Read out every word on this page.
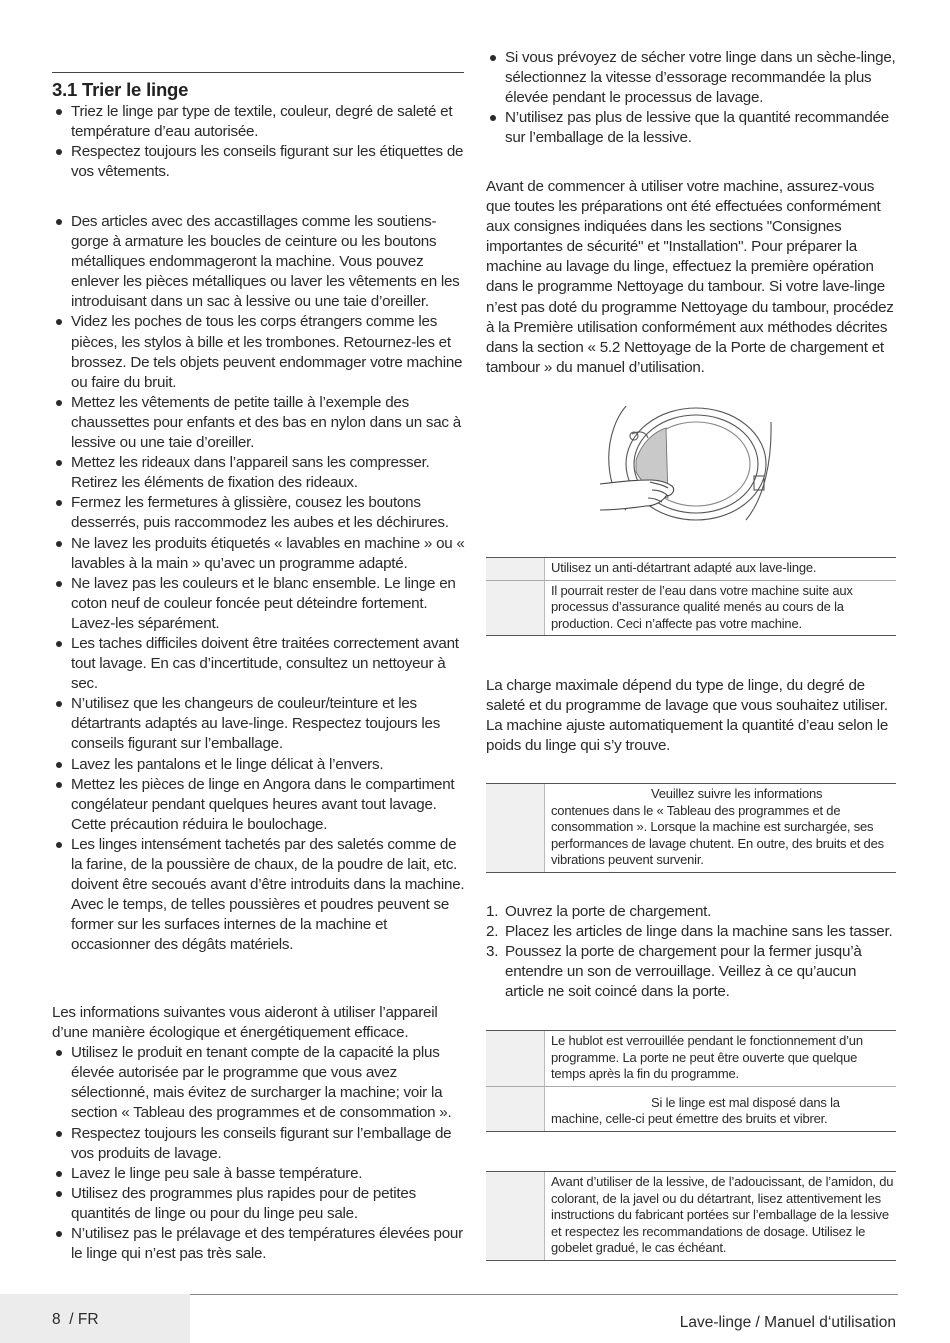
3.1 Trier le linge
Triez le linge par type de textile, couleur, degré de saleté et température d’eau autorisée.
Respectez toujours les conseils figurant sur les étiquettes de vos vêtements.
Des articles avec des accastillages comme les soutiens-gorge à armature les boucles de ceinture ou les boutons métalliques endommageront la machine. Vous pouvez enlever les pièces métalliques ou laver les vêtements en les introduisant dans un sac à lessive ou une taie d’oreiller.
Videz les poches de tous les corps étrangers comme les pièces, les stylos à bille et les trombones. Retournez-les et brossez. De tels objets peuvent endommager votre machine ou faire du bruit.
Mettez les vêtements de petite taille à l’exemple des chaussettes pour enfants et des bas en nylon dans un sac à lessive ou une taie d’oreiller.
Mettez les rideaux dans l’appareil sans les compresser. Retirez les éléments de fixation des rideaux.
Fermez les fermetures à glissière, cousez les boutons desserrés, puis raccommodez les aubes et les déchirures.
Ne lavez les produits étiquetés « lavables en machine » ou « lavables à la main » qu’avec un programme adapté.
Ne lavez pas les couleurs et le blanc ensemble. Le linge en coton neuf de couleur foncée peut déteindre fortement. Lavez-les séparément.
Les taches difficiles doivent être traitées correctement avant tout lavage. En cas d’incertitude, consultez un nettoyeur à sec.
N’utilisez que les changeurs de couleur/teinture et les détartrants adaptés au lave-linge. Respectez toujours les conseils figurant sur l’emballage.
Lavez les pantalons et le linge délicat à l’envers.
Mettez les pièces de linge en Angora dans le compartiment congélateur pendant quelques heures avant tout lavage. Cette précaution réduira le boulochage.
Les linges intensément tachetés par des saletés comme de la farine, de la poussière de chaux, de la poudre de lait, etc. doivent être secoués avant d’être introduits dans la machine. Avec le temps, de telles poussières et poudres peuvent se former sur les surfaces internes de la machine et occasionner des dégâts matériels.

Les informations suivantes vous aideront à utiliser l’appareil d’une manière écologique et énergétiquement efficace.

Utilisez le produit en tenant compte de la capacité la plus élevée autorisée par le programme que vous avez sélectionné, mais évitez de surcharger la machine; voir la section « Tableau des programmes et de consommation ».
Respectez toujours les conseils figurant sur l’emballage de vos produits de lavage.
Lavez le linge peu sale à basse température.
Utilisez des programmes plus rapides pour de petites quantités de linge ou pour du linge peu sale.
N’utilisez pas le prélavage et des températures élevées pour le linge qui n’est pas très sale.
Si vous prévoyez de sécher votre linge dans un sèche-linge, sélectionnez la vitesse d’essorage recommandée la plus élevée pendant le processus de lavage.
N’utilisez pas plus de lessive que la quantité recommandée sur l’emballage de la lessive.
Avant de commencer à utiliser votre machine, assurez-vous que toutes les préparations ont été effectuées conformément aux consignes indiquées dans les sections "Consignes importantes de sécurité" et "Installation". Pour préparer la machine au lavage du linge, effectuez la première opération dans le programme Nettoyage du tambour. Si votre lave-linge n’est pas doté du programme Nettoyage du tambour, procédez à la Première utilisation conformément aux méthodes décrites dans la section « 5.2 Nettoyage de la Porte de chargement et tambour » du manuel d’utilisation.
Utilisez un anti-détartrant adapté aux lave-linge.
Il pourrait rester de l’eau dans votre machine suite aux processus d’assurance qualité menés au cours de la production. Ceci n’affecte pas votre machine.

La charge maximale dépend du type de linge, du degré de saleté et du programme de lavage que vous souhaitez utiliser.

La machine ajuste automatiquement la quantité d’eau selon le poids du linge qui s’y trouve.

Veuillez suivre les informations
contenues dans le « Tableau des programmes et de consommation ». Lorsque la machine est surchargée, ses performances de lavage chutent. En outre, des bruits et des vibrations peuvent survenir.
1. Ouvrez la porte de chargement.
2. Placez les articles de linge dans la machine sans les tasser.
3. Poussez la porte de chargement pour la fermer jusqu’à entendre un son de verrouillage. Veillez à ce qu’aucun article ne soit coincé dans la porte.
Le hublot est verrouillée pendant le fonctionnement d’un programme. La porte ne peut être ouverte que quelque temps après la fin du programme.
Si le linge est mal disposé dans la
machine, celle-ci peut émettre des bruits et vibrer.
Avant d’utiliser de la lessive, de l’adoucissant, de l’amidon, du colorant, de la javel ou du détartrant, lisez attentivement les instructions du fabricant portées sur l’emballage de la lessive et respectez les recommandations de dosage. Utilisez le gobelet gradué, le cas échéant.
8 / FR	Lave-linge / Manuel d‘utilisation
